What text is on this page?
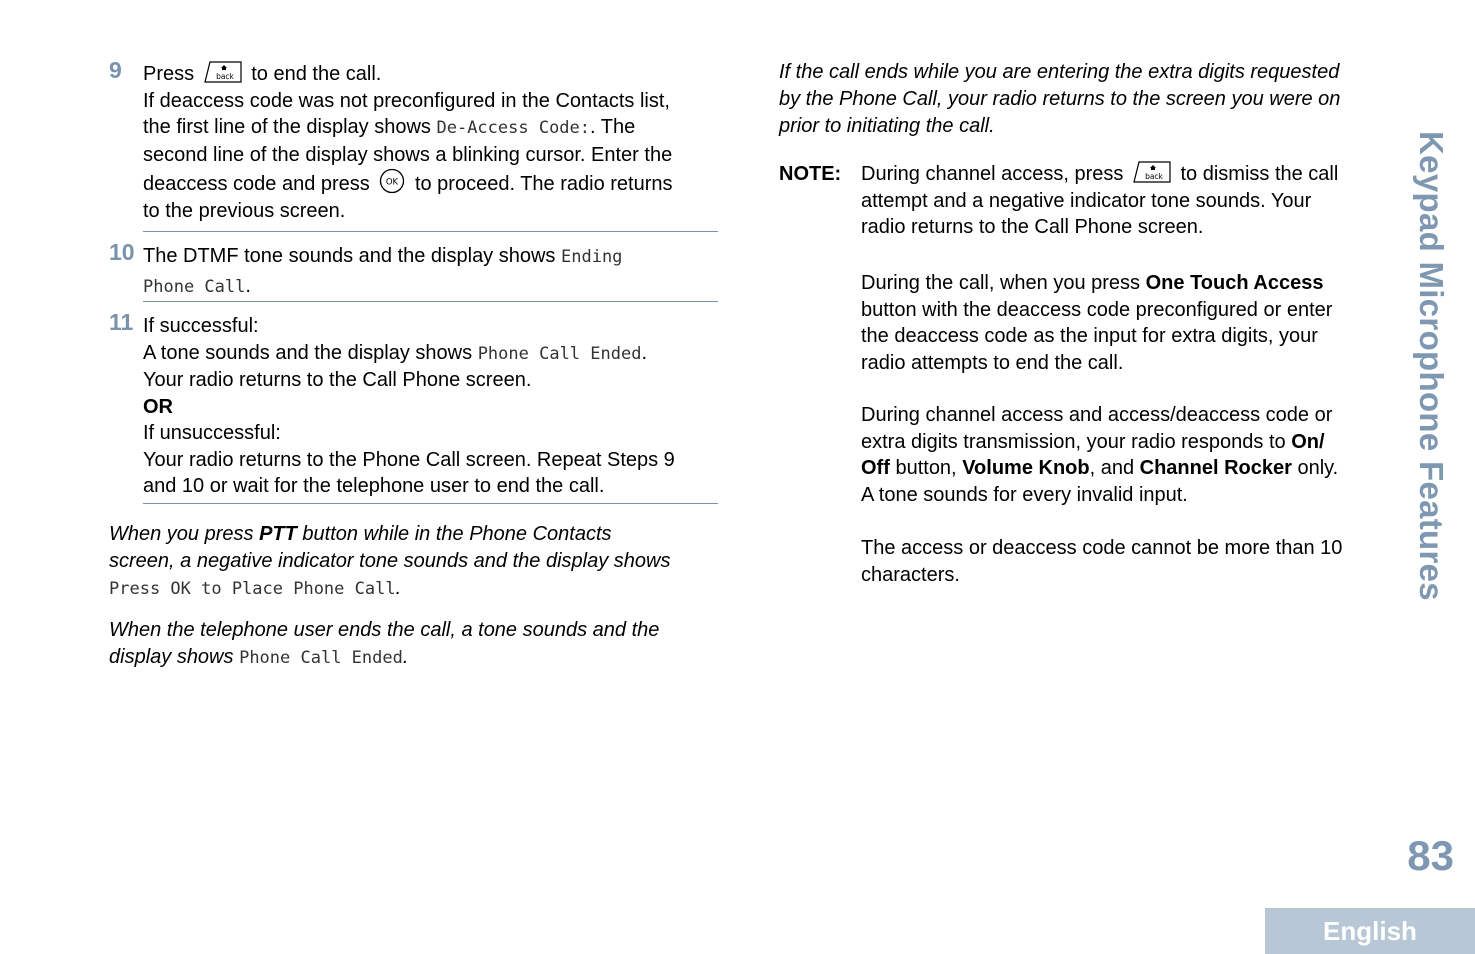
9 Press	back to end the call.
If deaccess code was not preconfigured in the Contacts list,
the first line of the display shows De-Access Code:. The
second line of the display shows a blinking cursor. Enter the
deaccess code and press OK to proceed. The radio returns
to the previous screen.
10 The DTMF tone sounds and the display shows Ending
Phone Call.
11 If successful:
A tone sounds and the display shows Phone Call Ended.
Your radio returns to the Call Phone screen.
OR
If unsuccessful:
Your radio returns to the Phone Call screen. Repeat Steps 9
and 10 or wait for the telephone user to end the call.
When you press PTT button while in the Phone Contacts
screen, a negative indicator tone sounds and the display shows
Press OK to Place Phone Call.
When the telephone user ends the call, a tone sounds and the
display shows Phone Call Ended.
If the call ends while you are entering the extra digits requested
by the Phone Call, your radio returns to the screen you were on
prior to initiating the call.
NOTE: During channel access, press	back to dismiss the call
attempt and a negative indicator tone sounds. Your
radio returns to the Call Phone screen.
During the call, when you press One Touch Access
button with the deaccess code preconfigured or enter
the deaccess code as the input for extra digits, your
radio attempts to end the call.
During channel access and access/deaccess code or
extra digits transmission, your radio responds to On/
Off button, Volume Knob, and Channel Rocker only.
A tone sounds for every invalid input.
The access or deaccess code cannot be more than 10
characters.	Keypad Microphone Features
83
English
